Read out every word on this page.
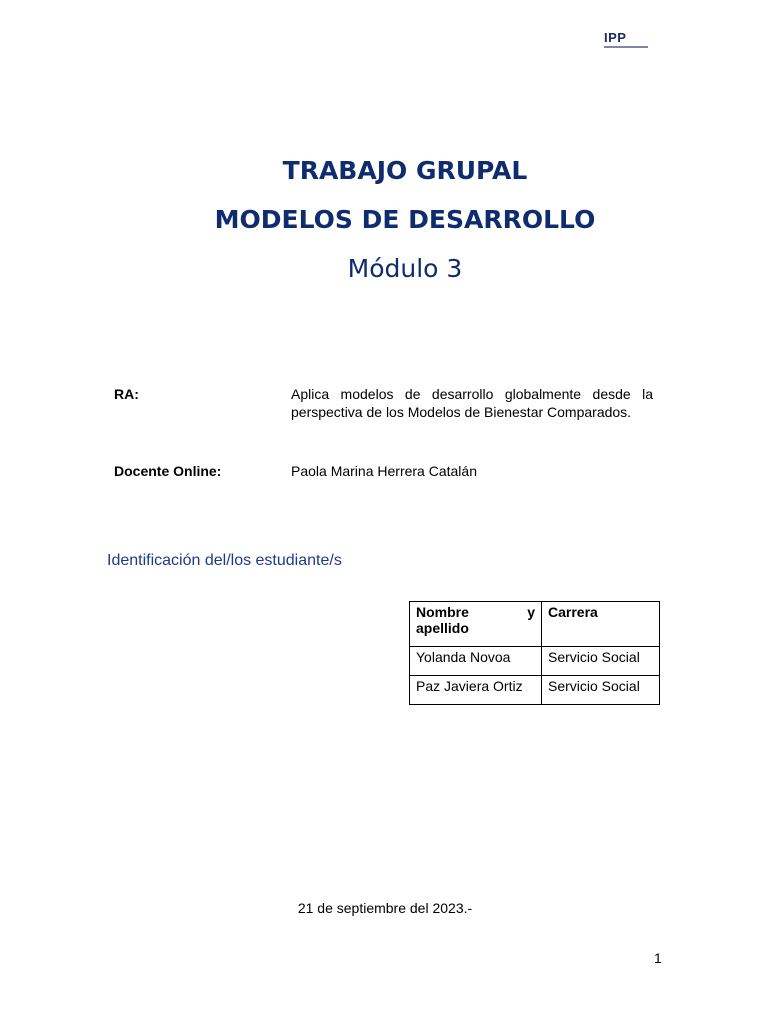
IPP
TRABAJO GRUPAL
MODELOS DE DESARROLLO
Módulo 3
RA:	Aplica modelos de desarrollo globalmente desde la perspectiva de los Modelos de Bienestar Comparados.
Docente Online:	Paola Marina Herrera Catalán
Identificación del/los estudiante/s
Nombre y
apellido	Carrera
Yolanda Novoa	Servicio Social
Paz Javiera Ortiz	Servicio Social
21 de septiembre del 2023.-
1
